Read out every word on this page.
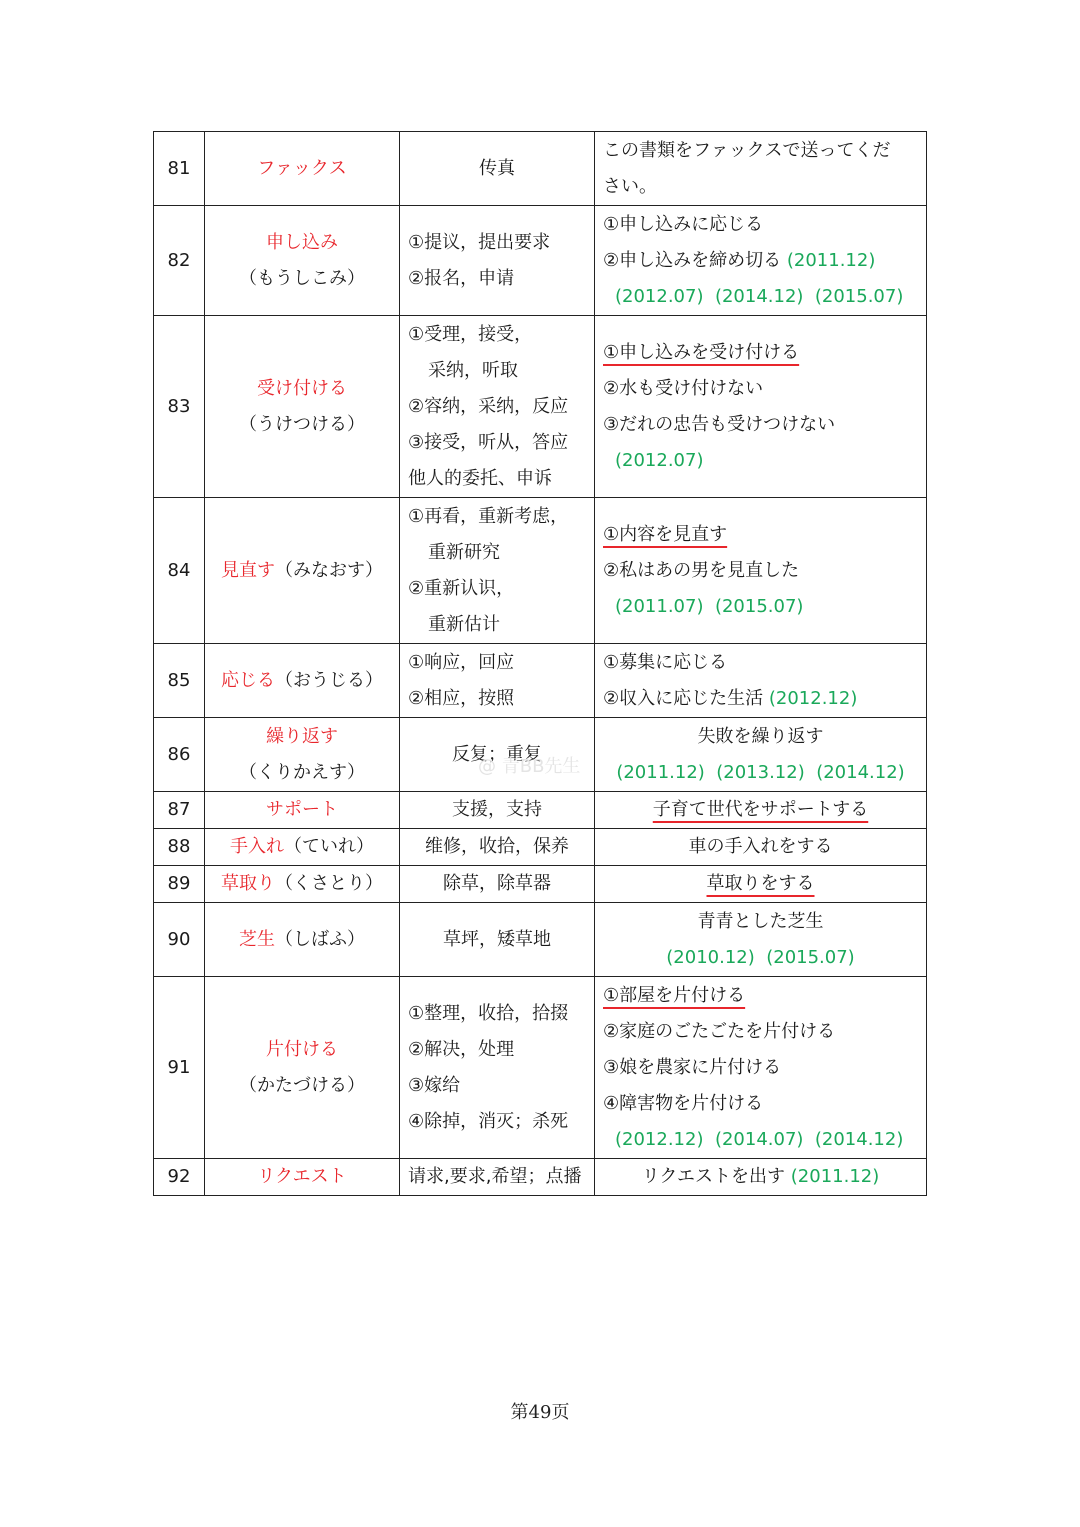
81	ファックス	传真	この書類をファックスで送ってくだ
さい。

82	申し込み
（もうしこみ）	①提议，提出要求
②报名，申请	①申し込みに応じる
②申し込みを締め切る (2011.12)
(2012.07) (2014.12) (2015.07)

83	受け付ける
（うけつける）	①受理，接受，
采纳，听取
②容纳，采纳，反应
③接受，听从，答应
他人的委托、申诉	①申し込みを受け付ける
②水も受け付けない
③だれの忠告も受けつけない
(2012.07)

84	見直す（みなおす）	①再看，重新考虑，
重新研究
②重新认识，
重新估计	①内容を見直す
②私はあの男を見直した
(2011.07) (2015.07)

85	応じる（おうじる）	①响应，回应
②相应，按照	①募集に応じる
②収入に応じた生活 (2012.12)

86	繰り返す
（くりかえす）	反复；重复	失敗を繰り返す
(2011.12) (2013.12) (2014.12)

87	サポート	支援，支持	子育て世代をサポートする
88	手入れ（ていれ）	维修，收拾，保养	車の手入れをする
89	草取り（くさとり）	除草，除草器	草取りをする
90	芝生（しばふ）	草坪，矮草地	青青とした芝生
(2010.12) (2015.07)

91	片付ける
（かたづける）	①整理，收拾，拾掇
②解决，处理
③嫁给
④除掉，消灭；杀死	①部屋を片付ける
②家庭のごたごたを片付ける
③娘を農家に片付ける
④障害物を片付ける
(2012.12) (2014.07) (2014.12)

92	リクエスト	请求,要求,希望；点播	リクエストを出す (2011.12)
@ 青BB先生
第49页
